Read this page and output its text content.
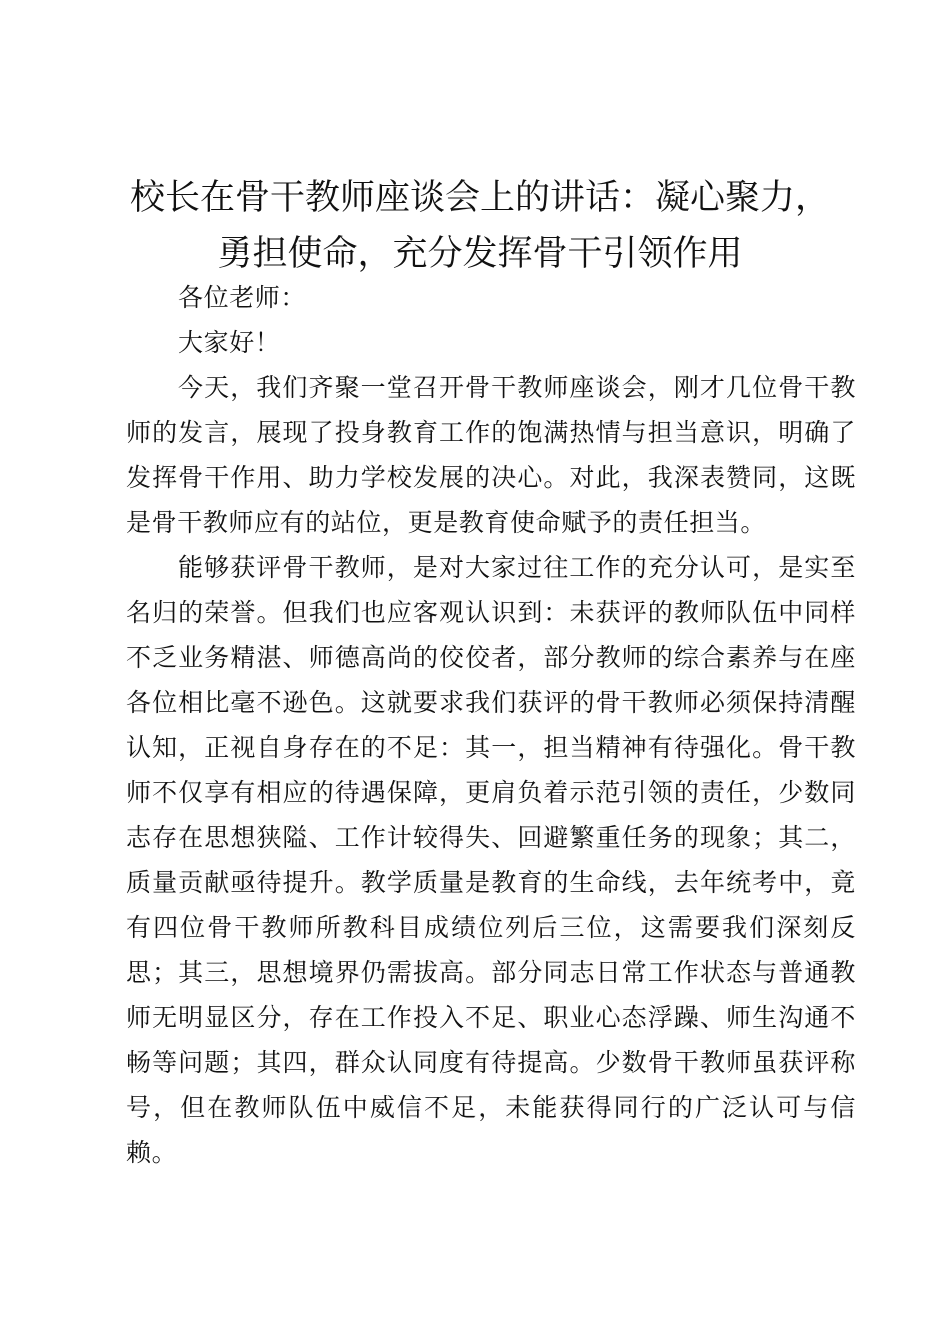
校长在骨干教师座谈会上的讲话：凝心聚力，
勇担使命，充分发挥骨干引领作用

各位老师：

大家好！

今天，我们齐聚一堂召开骨干教师座谈会，刚才几位骨干教师的发言，展现了投身教育工作的饱满热情与担当意识，明确了发挥骨干作用、助力学校发展的决心。对此，我深表赞同，这既是骨干教师应有的站位，更是教育使命赋予的责任担当。

能够获评骨干教师，是对大家过往工作的充分认可，是实至名归的荣誉。但我们也应客观认识到：未获评的教师队伍中同样不乏业务精湛、师德高尚的佼佼者，部分教师的综合素养与在座各位相比毫不逊色。这就要求我们获评的骨干教师必须保持清醒认知，正视自身存在的不足：其一，担当精神有待强化。骨干教师不仅享有相应的待遇保障，更肩负着示范引领的责任，少数同志存在思想狭隘、工作计较得失、回避繁重任务的现象；其二，质量贡献亟待提升。教学质量是教育的生命线，去年统考中，竟有四位骨干教师所教科目成绩位列后三位，这需要我们深刻反思；其三，思想境界仍需拔高。部分同志日常工作状态与普通教师无明显区分，存在工作投入不足、职业心态浮躁、师生沟通不畅等问题；其四，群众认同度有待提高。少数骨干教师虽获评称号，但在教师队伍中威信不足，未能获得同行的广泛认可与信赖。
